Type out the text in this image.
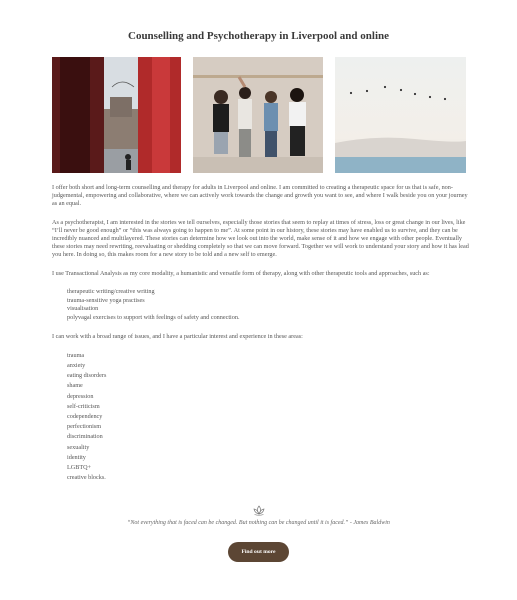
Counselling and Psychotherapy in Liverpool and online

I offer both short and long-term counselling and therapy for adults in Liverpool and online. I am committed to creating a therapeutic space for us that is safe, non-judgemental, empowering and collaborative, where we can actively work towards the change and growth you want to see, and where I walk beside you on your journey as an equal.

As a psychotherapist, I am interested in the stories we tell ourselves, especially those stories that seem to replay at times of stress, loss or great change in our lives, like “I’ll never be good enough” or “this was always going to happen to me”. At some point in our history, these stories may have enabled us to survive, and they can be incredibly nuanced and multilayered. These stories can determine how we look out into the world, make sense of it and how we engage with other people. Eventually these stories may need rewriting, reevaluating or shedding completely so that we can move forward. Together we will work to understand your story and how it has lead you here. In doing so, this makes room for a new story to be told and a new self to emerge.

I use Transactional Analysis as my core modality, a humanistic and versatile form of therapy, along with other therapeutic tools and approaches, such as:

therapeutic writing/creative writing
trauma-sensitive yoga practises
visualisation
polyvagal exercises to support with feelings of safety and connection.

I can work with a broad range of issues, and I have a particular interest and experience in these areas:

trauma
anxiety
eating disorders
shame
depression
self-criticism
codependency
perfectionism
discrimination
sexuality
identity
LGBTQ+
creative blocks.
“Not everything that is faced can be changed. But nothing can be changed until it is faced.” - James Baldwin
Find out more
